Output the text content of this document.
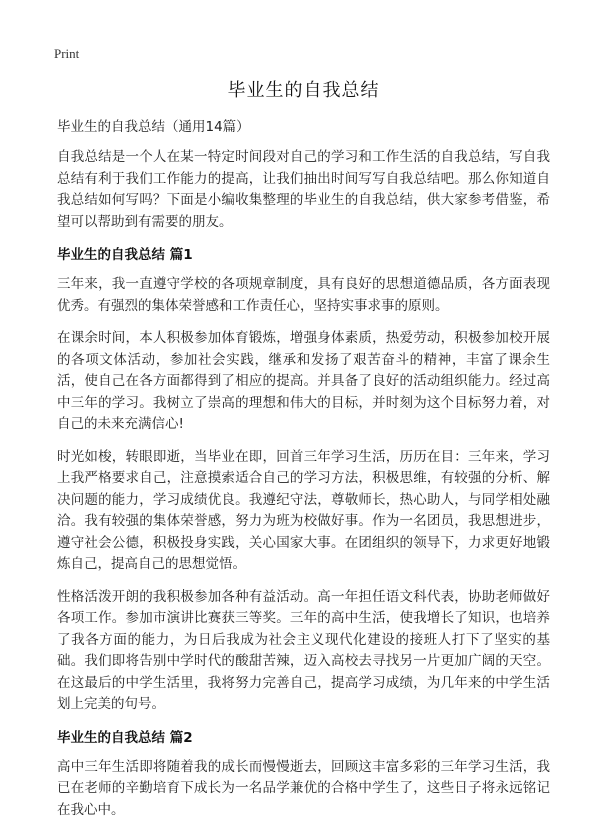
Print
毕业生的自我总结
毕业生的自我总结（通用14篇）

自我总结是一个人在某一特定时间段对自己的学习和工作生活的自我总结，写自我总结有利于我们工作能力的提高，让我们抽出时间写写自我总结吧。那么你知道自我总结如何写吗？下面是小编收集整理的毕业生的自我总结，供大家参考借鉴，希望可以帮助到有需要的朋友。

毕业生的自我总结 篇1

三年来，我一直遵守学校的各项规章制度，具有良好的思想道德品质，各方面表现优秀。有强烈的集体荣誉感和工作责任心，坚持实事求事的原则。

在课余时间，本人积极参加体育锻炼，增强身体素质，热爱劳动，积极参加校开展的各项文体活动，参加社会实践，继承和发扬了艰苦奋斗的精神，丰富了课余生活，使自己在各方面都得到了相应的提高。并具备了良好的活动组织能力。经过高中三年的学习。我树立了崇高的理想和伟大的目标，并时刻为这个目标努力着，对自己的未来充满信心!

时光如梭，转眼即逝，当毕业在即，回首三年学习生活，历历在目：三年来，学习上我严格要求自己，注意摸索适合自己的学习方法，积极思维，有较强的分析、解决问题的能力，学习成绩优良。我遵纪守法，尊敬师长，热心助人，与同学相处融洽。我有较强的集体荣誉感，努力为班为校做好事。作为一名团员，我思想进步，遵守社会公德，积极投身实践，关心国家大事。在团组织的领导下，力求更好地锻炼自己，提高自己的思想觉悟。

性格活泼开朗的我积极参加各种有益活动。高一年担任语文科代表，协助老师做好各项工作。参加市演讲比赛获三等奖。三年的高中生活，使我增长了知识，也培养了我各方面的能力，为日后我成为社会主义现代化建设的接班人打下了坚实的基础。我们即将告别中学时代的酸甜苦辣，迈入高校去寻找另一片更加广阔的天空。在这最后的中学生活里，我将努力完善自己，提高学习成绩，为几年来的中学生活划上完美的句号。

毕业生的自我总结 篇2

高中三年生活即将随着我的成长而慢慢逝去，回顾这丰富多彩的三年学习生活，我已在老师的辛勤培育下成长为一名品学兼优的合格中学生了，这些日子将永远铭记在我心中。
